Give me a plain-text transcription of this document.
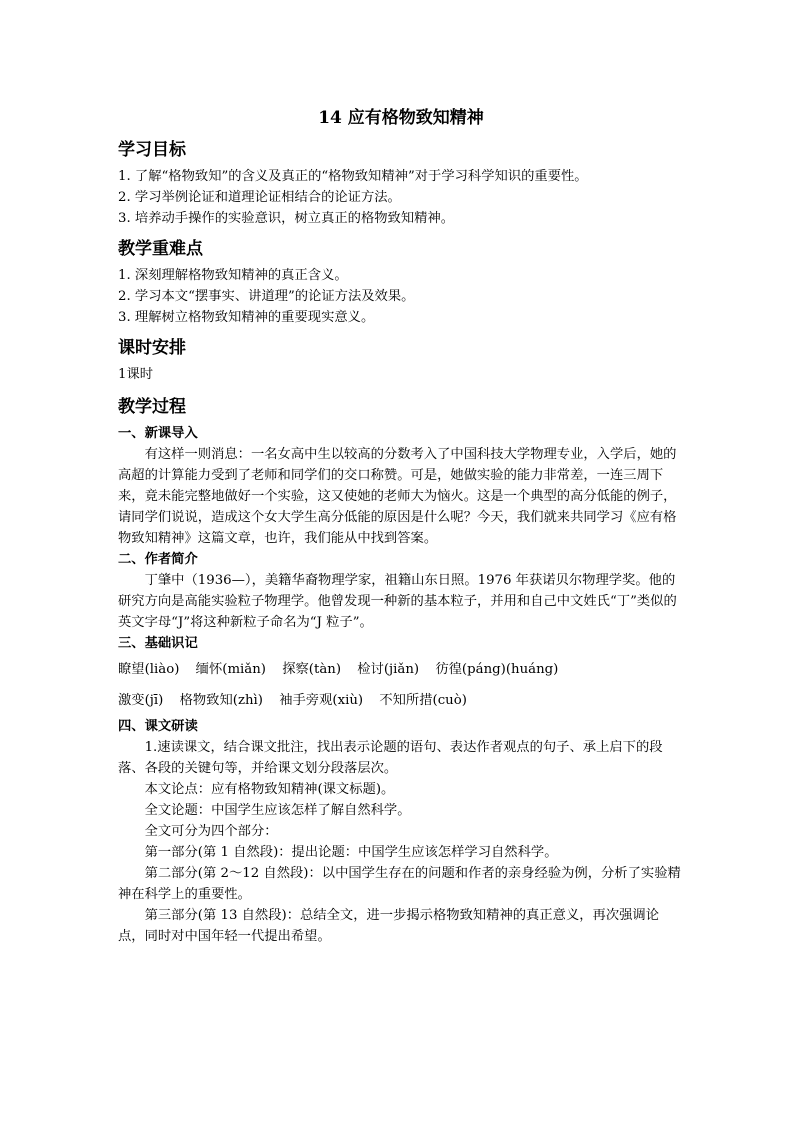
14 应有格物致知精神
学习目标
1. 了解“格物致知”的含义及真正的“格物致知精神”对于学习科学知识的重要性。
2. 学习举例论证和道理论证相结合的论证方法。
3. 培养动手操作的实验意识，树立真正的格物致知精神。
教学重难点
1. 深刻理解格物致知精神的真正含义。
2. 学习本文“摆事实、讲道理”的论证方法及效果。
3. 理解树立格物致知精神的重要现实意义。
课时安排
1课时
教学过程
一、新课导入
有这样一则消息：一名女高中生以较高的分数考入了中国科技大学物理专业，入学后，她的高超的计算能力受到了老师和同学们的交口称赞。可是，她做实验的能力非常差，一连三周下来，竟未能完整地做好一个实验，这又使她的老师大为恼火。这是一个典型的高分低能的例子，请同学们说说，造成这个女大学生高分低能的原因是什么呢？今天，我们就来共同学习《应有格物致知精神》这篇文章，也许，我们能从中找到答案。
二、作者简介
丁肇中（1936—），美籍华裔物理学家，祖籍山东日照。1976 年获诺贝尔物理学奖。他的研究方向是高能实验粒子物理学。他曾发现一种新的基本粒子，并用和自己中文姓氏“丁”类似的英文字母“J”将这种新粒子命名为“J 粒子”。
三、基础识记
瞭望(liào) 缅怀(miǎn) 探察(tàn) 检讨(jiǎn) 彷徨(páng)(huáng)
激变(jī) 格物致知(zhì) 袖手旁观(xiù) 不知所措(cuò)
四、课文研读
1.速读课文，结合课文批注，找出表示论题的语句、表达作者观点的句子、承上启下的段落、各段的关键句等，并给课文划分段落层次。
本文论点：应有格物致知精神(课文标题)。
全文论题：中国学生应该怎样了解自然科学。
全文可分为四个部分：
第一部分(第 1 自然段)：提出论题：中国学生应该怎样学习自然科学。
第二部分(第 2～12 自然段)：以中国学生存在的问题和作者的亲身经验为例，分析了实验精神在科学上的重要性。
第三部分(第 13 自然段)：总结全文，进一步揭示格物致知精神的真正意义，再次强调论点，同时对中国年轻一代提出希望。
